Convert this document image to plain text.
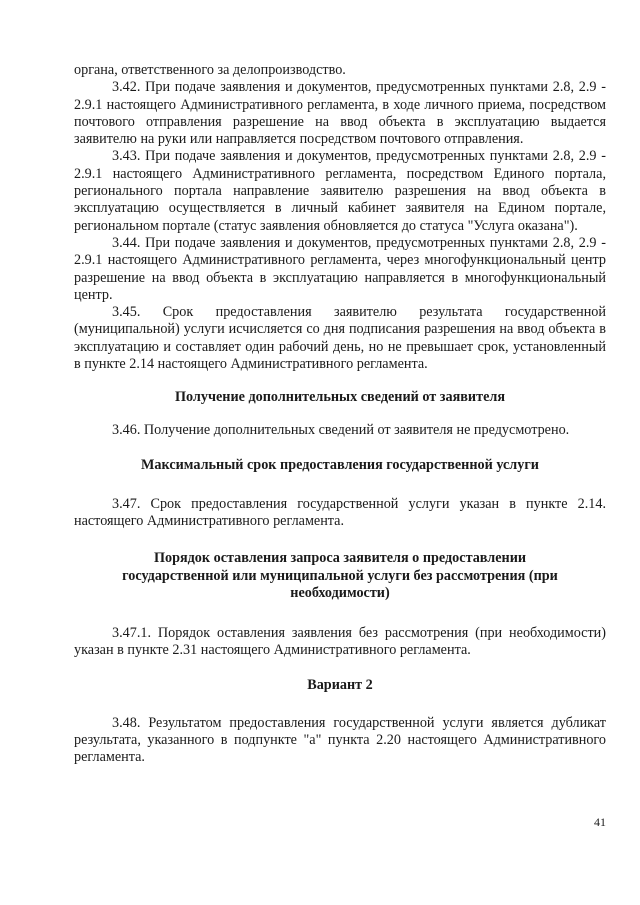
органа, ответственного за делопроизводство.

3.42. При подаче заявления и документов, предусмотренных пунктами 2.8, 2.9 - 2.9.1 настоящего Административного регламента, в ходе личного приема, посредством почтового отправления разрешение на ввод объекта в эксплуатацию выдается заявителю на руки или направляется посредством почтового отправления.

3.43. При подаче заявления и документов, предусмотренных пунктами 2.8, 2.9 - 2.9.1 настоящего Административного регламента, посредством Единого портала, регионального портала направление заявителю разрешения на ввод объекта в эксплуатацию осуществляется в личный кабинет заявителя на Едином портале, региональном портале (статус заявления обновляется до статуса "Услуга оказана").

3.44. При подаче заявления и документов, предусмотренных пунктами 2.8, 2.9 - 2.9.1 настоящего Административного регламента, через многофункциональный центр разрешение на ввод объекта в эксплуатацию направляется в многофункциональный центр.

3.45. Срок предоставления заявителю результата государственной (муниципальной) услуги исчисляется со дня подписания разрешения на ввод объекта в эксплуатацию и составляет один рабочий день, но не превышает срок, установленный в пункте 2.14 настоящего Административного регламента.

Получение дополнительных сведений от заявителя

3.46. Получение дополнительных сведений от заявителя не предусмотрено.

Максимальный срок предоставления государственной услуги

3.47. Срок предоставления государственной услуги указан в пункте 2.14. настоящего Административного регламента.

Порядок оставления запроса заявителя о предоставлении государственной или муниципальной услуги без рассмотрения (при необходимости)

3.47.1. Порядок оставления заявления без рассмотрения (при необходимости) указан в пункте 2.31 настоящего Административного регламента.

Вариант 2

3.48. Результатом предоставления государственной услуги является дубликат результата, указанного в подпункте "а" пункта 2.20 настоящего Административного регламента.

41
